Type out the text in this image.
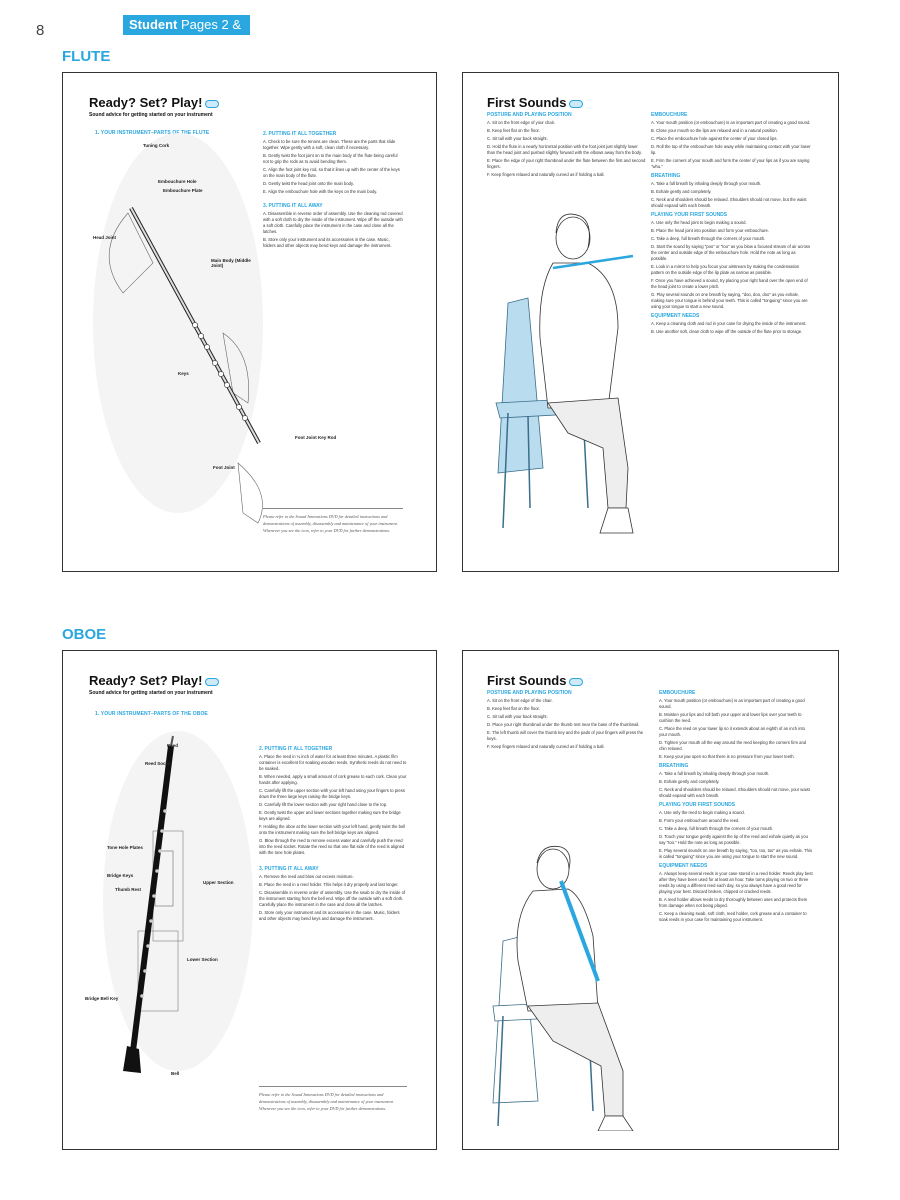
8	Student Pages 2 & 3
FLUTE
Ready? Set? Play!
Sound advice for getting started on your instrument
1. YOUR INSTRUMENT–PARTS OF THE FLUTE
Tuning Cork
Embouchure Hole
Embouchure Plate
Head Joint
Main Body (Middle Joint)
Keys
Foot Joint Key Rod
Foot Joint
2. PUTTING IT ALL TOGETHER

A. Check to be sure the tenons are clean. These are the parts that slide together. Wipe gently with a soft, clean cloth if necessary.

B. Gently twist the foot joint on to the main body of the flute being careful not to grip the rods as to avoid bending them.

C. Align the foot joint key rod, so that it lines up with the center of the keys on the main body of the flute.

D. Gently twist the head joint onto the main body.

E. Align the embouchure hole with the keys on the main body.

3. PUTTING IT ALL AWAY

A. Disassemble in reverse order of assembly. Use the cleaning rod covered with a soft cloth to dry the inside of the instrument. Wipe off the outside with a soft cloth. Carefully place the instrument in the case and close all the latches.

B. Store only your instrument and its accessories in the case. Music, folders and other objects may bend keys and damage the instrument.

Please refer to the Sound Innovations DVD for detailed instructions and demonstrations of assembly, disassembly and maintenance of your instrument. Whenever you see the icon, refer to your DVD for further demonstrations.
First Sounds
POSTURE AND PLAYING POSITION

A. Sit on the front edge of your chair.

B. Keep feet flat on the floor.

C. Sit tall with your back straight.

D. Hold the flute in a nearly horizontal position with the foot joint just slightly lower than the head joint and pushed slightly forward with the elbows away from the body.

E. Place the edge of your right thumbnail under the flute between the first and second fingers.

F. Keep fingers relaxed and naturally curved as if holding a ball.

EMBOUCHURE

A. Your mouth position (or embouchure) is an important part of creating a good sound.

B. Close your mouth so the lips are relaxed and in a natural position.

C. Place the embouchure hole against the center of your closed lips.

D. Roll the top of the embouchure hole away while maintaining contact with your lower lip.

E. Firm the corners of your mouth and form the center of your lips as if you are saying "whu."

BREATHING

A. Take a full breath by inhaling deeply through your mouth.

B. Exhale gently and completely.

C. Neck and shoulders should be relaxed. Shoulders should not move, but the waist should expand with each breath.

PLAYING YOUR FIRST SOUNDS

A. Use only the head joint to begin making a sound.

B. Place the head joint into position and form your embouchure.

C. Take a deep, full breath through the corners of your mouth.

D. Start the sound by saying "poo" or "too" as you blow a focused stream of air across the center and outside edge of the embouchure hole. Hold the note as long as possible.

E. Look in a mirror to help you focus your airstream by making the condensation pattern on the outside edge of the lip plate as narrow as possible.

F. Once you have achieved a sound, try placing your right hand over the open end of the head joint to create a lower pitch.

G. Play several sounds on one breath by saying, "doo, doo, doo" as you exhale, making sure your tongue is behind your teeth. This is called "tonguing" since you are using your tongue to start a new sound.

EQUIPMENT NEEDS

A. Keep a cleaning cloth and rod in your case for drying the inside of the instrument.

B. Use another soft, clean cloth to wipe off the outside of the flute prior to storage.

OBOE
Ready? Set? Play!
Sound advice for getting started on your instrument
1. YOUR INSTRUMENT–PARTS OF THE OBOE
Reed
Reed Socket
Tone Hole Plates
Bridge Keys
Thumb Rest
Upper Section
Lower Section
Bridge Bell Key
Bell
2. PUTTING IT ALL TOGETHER

A. Place the reed in ¼ inch of water for at least three minutes. A plastic film container is excellent for soaking wooden reeds. Synthetic reeds do not need to be soaked.

B. When needed, apply a small amount of cork grease to each cork. Clean your hands after applying.

C. Carefully lift the upper section with your left hand using your fingers to press down the three large keys raising the bridge keys.

D. Carefully lift the lower section with your right hand close to the top.

E. Gently twist the upper and lower sections together making sure the bridge keys are aligned.

F. Holding the oboe at the lower section with your left hand, gently twist the bell onto the instrument making sure the bell bridge keys are aligned.

G. Blow through the reed to remove excess water and carefully push the reed into the reed socket. Rotate the reed so that one flat side of the reed is aligned with the tone hole plates.

3. PUTTING IT ALL AWAY

A. Remove the reed and blow out excess moisture.

B. Place the reed in a reed holder. This helps it dry properly and last longer.

C. Disassemble in reverse order of assembly. Use the swab to dry the inside of the instrument starting from the bell end. Wipe off the outside with a soft cloth. Carefully place the instrument in the case and close all the latches.

D. Store only your instrument and its accessories in the case. Music, folders and other objects may bend keys and damage the instrument.

Please refer to the Sound Innovations DVD for detailed instructions and demonstrations of assembly, disassembly and maintenance of your instrument. Whenever you see the icon, refer to your DVD for further demonstrations.
First Sounds
POSTURE AND PLAYING POSITION

A. Sit on the front edge of the chair.

B. Keep feet flat on the floor.

C. Sit tall with your back straight.

D. Place your right thumbnail under the thumb rest near the base of the thumbnail.

E. The left thumb will cover the thumb key and the pads of your fingers will press the keys.

F. Keep fingers relaxed and naturally curved as if holding a ball.

EMBOUCHURE

A. Your mouth position (or embouchure) is an important part of creating a good sound.

B. Moisten your lips and roll both your upper and lower lips over your teeth to cushion the reed.

C. Place the reed on your lower lip so it extends about an eighth of an inch into your mouth.

D. Tighten your mouth all the way around the reed keeping the corners firm and chin relaxed.

E. Keep your jaw open so that there is no pressure from your lower teeth.

BREATHING

A. Take a full breath by inhaling deeply through your mouth.

B. Exhale gently and completely.

C. Neck and shoulders should be relaxed. Shoulders should not move, your waist should expand with each breath.

PLAYING YOUR FIRST SOUNDS

A. Use only the reed to begin making a sound.

B. Form your embouchure around the reed.

C. Take a deep, full breath through the corners of your mouth.

D. Touch your tongue gently against the tip of the reed and exhale quietly as you say "too." Hold the note as long as possible.

E. Play several sounds on one breath by saying, "too, too, too" as you exhale. This is called "tonguing" since you are using your tongue to start the new sound.

EQUIPMENT NEEDS

A. Always keep several reeds in your case stored in a reed holder. Reeds play best after they have been used for at least an hour. Take turns playing on two or three reeds by using a different reed each day, so you always have a good reed for playing your best. Discard broken, chipped or cracked reeds.

B. A reed holder allows reeds to dry thoroughly between uses and protects them from damage when not being played.

C. Keep a cleaning swab, soft cloth, reed holder, cork grease and a container to soak reeds in your case for maintaining your instrument.
